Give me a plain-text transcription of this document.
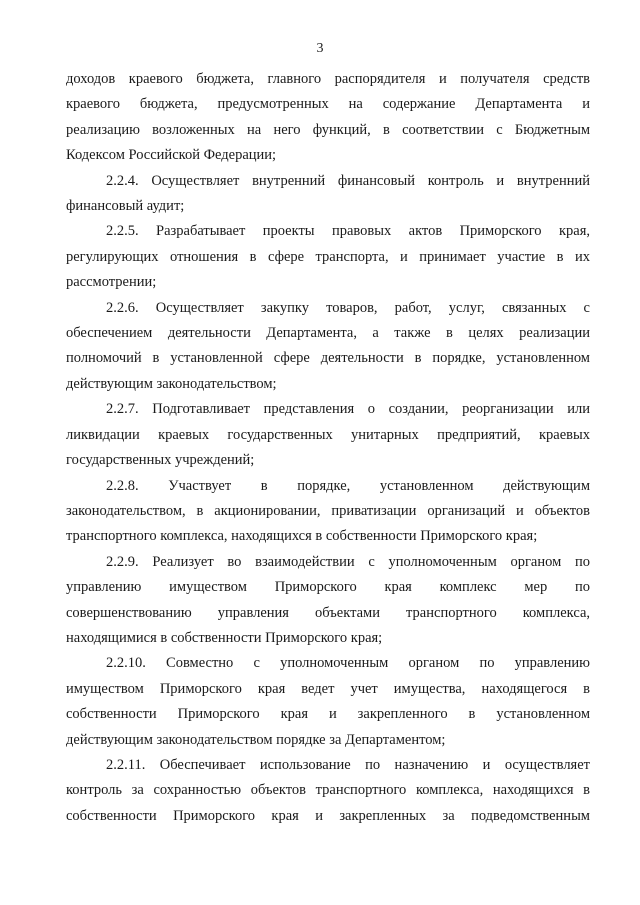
3

доходов краевого бюджета, главного распорядителя и получателя средств
краевого бюджета, предусмотренных на содержание Департамента и
реализацию возложенных на него функций, в соответствии с Бюджетным
Кодексом Российской Федерации;

2.2.4. Осуществляет внутренний финансовый контроль и внутренний
финансовый аудит;

2.2.5. Разрабатывает проекты правовых актов Приморского края,
регулирующих отношения в сфере транспорта, и принимает участие в их
рассмотрении;

2.2.6. Осуществляет закупку товаров, работ, услуг, связанных с
обеспечением деятельности Департамента, а также в целях реализации
полномочий в установленной сфере деятельности в порядке, установленном
действующим законодательством;

2.2.7. Подготавливает представления о создании, реорганизации или
ликвидации краевых государственных унитарных предприятий, краевых
государственных учреждений;

2.2.8. Участвует в порядке, установленном действующим
законодательством, в акционировании, приватизации организаций и объектов
транспортного комплекса, находящихся в собственности Приморского края;

2.2.9. Реализует во взаимодействии с уполномоченным органом по
управлению имуществом Приморского края комплекс мер по
совершенствованию управления объектами транспортного комплекса,
находящимися в собственности Приморского края;

2.2.10. Совместно с уполномоченным органом по управлению
имуществом Приморского края ведет учет имущества, находящегося в
собственности Приморского края и закрепленного в установленном
действующим законодательством порядке за Департаментом;

2.2.11. Обеспечивает использование по назначению и осуществляет
контроль за сохранностью объектов транспортного комплекса, находящихся в
собственности Приморского края и закрепленных за подведомственным
